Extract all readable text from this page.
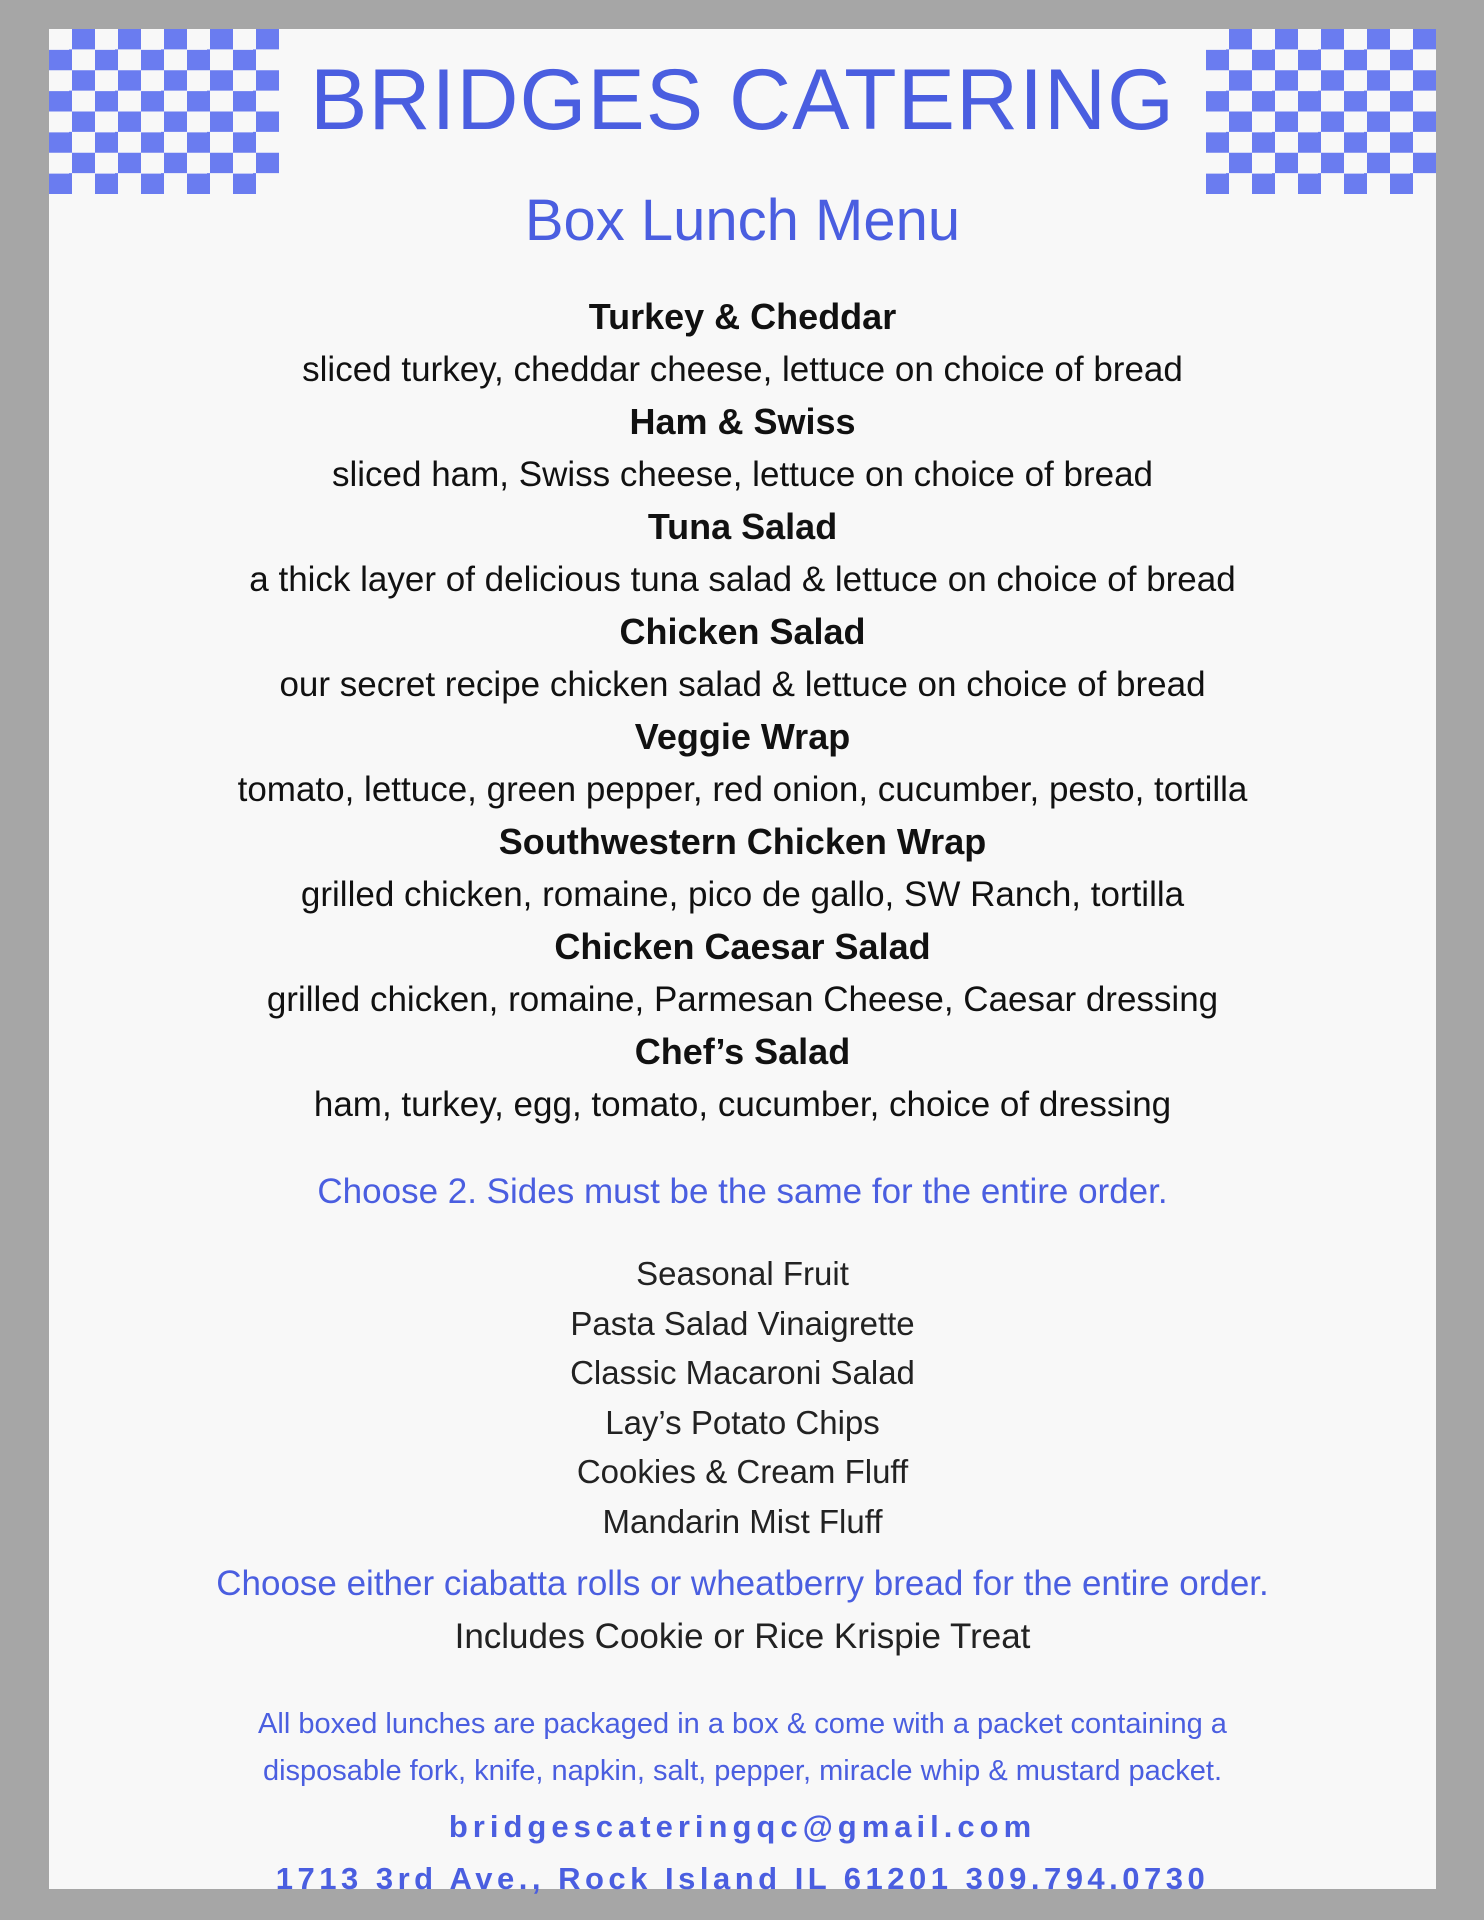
BRIDGES CATERING
Box Lunch Menu
Turkey & Cheddar
sliced turkey, cheddar cheese, lettuce on choice of bread
Ham & Swiss
sliced ham, Swiss cheese, lettuce on choice of bread
Tuna Salad
a thick layer of delicious tuna salad & lettuce on choice of bread
Chicken Salad
our secret recipe chicken salad & lettuce on choice of bread
Veggie Wrap
tomato, lettuce, green pepper, red onion, cucumber, pesto, tortilla
Southwestern Chicken Wrap
grilled chicken, romaine, pico de gallo, SW Ranch, tortilla
Chicken Caesar Salad
grilled chicken, romaine, Parmesan Cheese, Caesar dressing
Chef’s Salad
ham, turkey, egg, tomato, cucumber, choice of dressing
Choose 2. Sides must be the same for the entire order.
Seasonal Fruit
Pasta Salad Vinaigrette
Classic Macaroni Salad
Lay’s Potato Chips
Cookies & Cream Fluff
Mandarin Mist Fluff
Choose either ciabatta rolls or wheatberry bread for the entire order.
Includes Cookie or Rice Krispie Treat
All boxed lunches are packaged in a box & come with a packet containing a
disposable fork, knife, napkin, salt, pepper, miracle whip & mustard packet.
bridgescateringqc@gmail.com
1713 3rd Ave., Rock Island IL 61201 309.794.0730
